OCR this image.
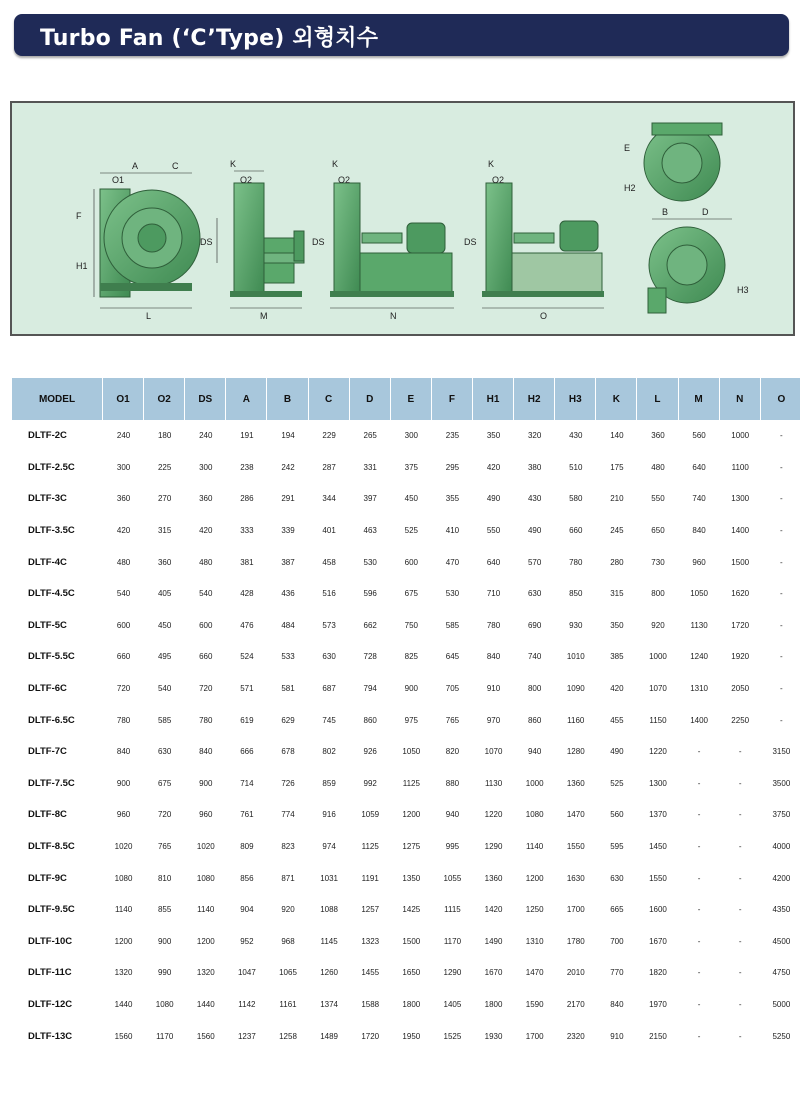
Turbo Fan (‘C’Type) 외형치수
A	C
O1
F
H1
L
K
O2
DS
M
K
O2
DS
N
K
O2
DS
O
E
H2
B	D
H3
MODEL	O1	O2	DS	A	B	C	D	E	F	H1	H2	H3	K	L	M	N	O
DLTF-2C	240	180	240	191	194	229	265	300	235	350	320	430	140	360	560	1000	-
DLTF-2.5C	300	225	300	238	242	287	331	375	295	420	380	510	175	480	640	1100	-
DLTF-3C	360	270	360	286	291	344	397	450	355	490	430	580	210	550	740	1300	-
DLTF-3.5C	420	315	420	333	339	401	463	525	410	550	490	660	245	650	840	1400	-
DLTF-4C	480	360	480	381	387	458	530	600	470	640	570	780	280	730	960	1500	-
DLTF-4.5C	540	405	540	428	436	516	596	675	530	710	630	850	315	800	1050	1620	-
DLTF-5C	600	450	600	476	484	573	662	750	585	780	690	930	350	920	1130	1720	-
DLTF-5.5C	660	495	660	524	533	630	728	825	645	840	740	1010	385	1000	1240	1920	-
DLTF-6C	720	540	720	571	581	687	794	900	705	910	800	1090	420	1070	1310	2050	-
DLTF-6.5C	780	585	780	619	629	745	860	975	765	970	860	1160	455	1150	1400	2250	-
DLTF-7C	840	630	840	666	678	802	926	1050	820	1070	940	1280	490	1220	-	-	3150
DLTF-7.5C	900	675	900	714	726	859	992	1125	880	1130	1000	1360	525	1300	-	-	3500
DLTF-8C	960	720	960	761	774	916	1059	1200	940	1220	1080	1470	560	1370	-	-	3750
DLTF-8.5C	1020	765	1020	809	823	974	1125	1275	995	1290	1140	1550	595	1450	-	-	4000
DLTF-9C	1080	810	1080	856	871	1031	1191	1350	1055	1360	1200	1630	630	1550	-	-	4200
DLTF-9.5C	1140	855	1140	904	920	1088	1257	1425	1115	1420	1250	1700	665	1600	-	-	4350
DLTF-10C	1200	900	1200	952	968	1145	1323	1500	1170	1490	1310	1780	700	1670	-	-	4500
DLTF-11C	1320	990	1320	1047	1065	1260	1455	1650	1290	1670	1470	2010	770	1820	-	-	4750
DLTF-12C	1440	1080	1440	1142	1161	1374	1588	1800	1405	1800	1590	2170	840	1970	-	-	5000
DLTF-13C	1560	1170	1560	1237	1258	1489	1720	1950	1525	1930	1700	2320	910	2150	-	-	5250
